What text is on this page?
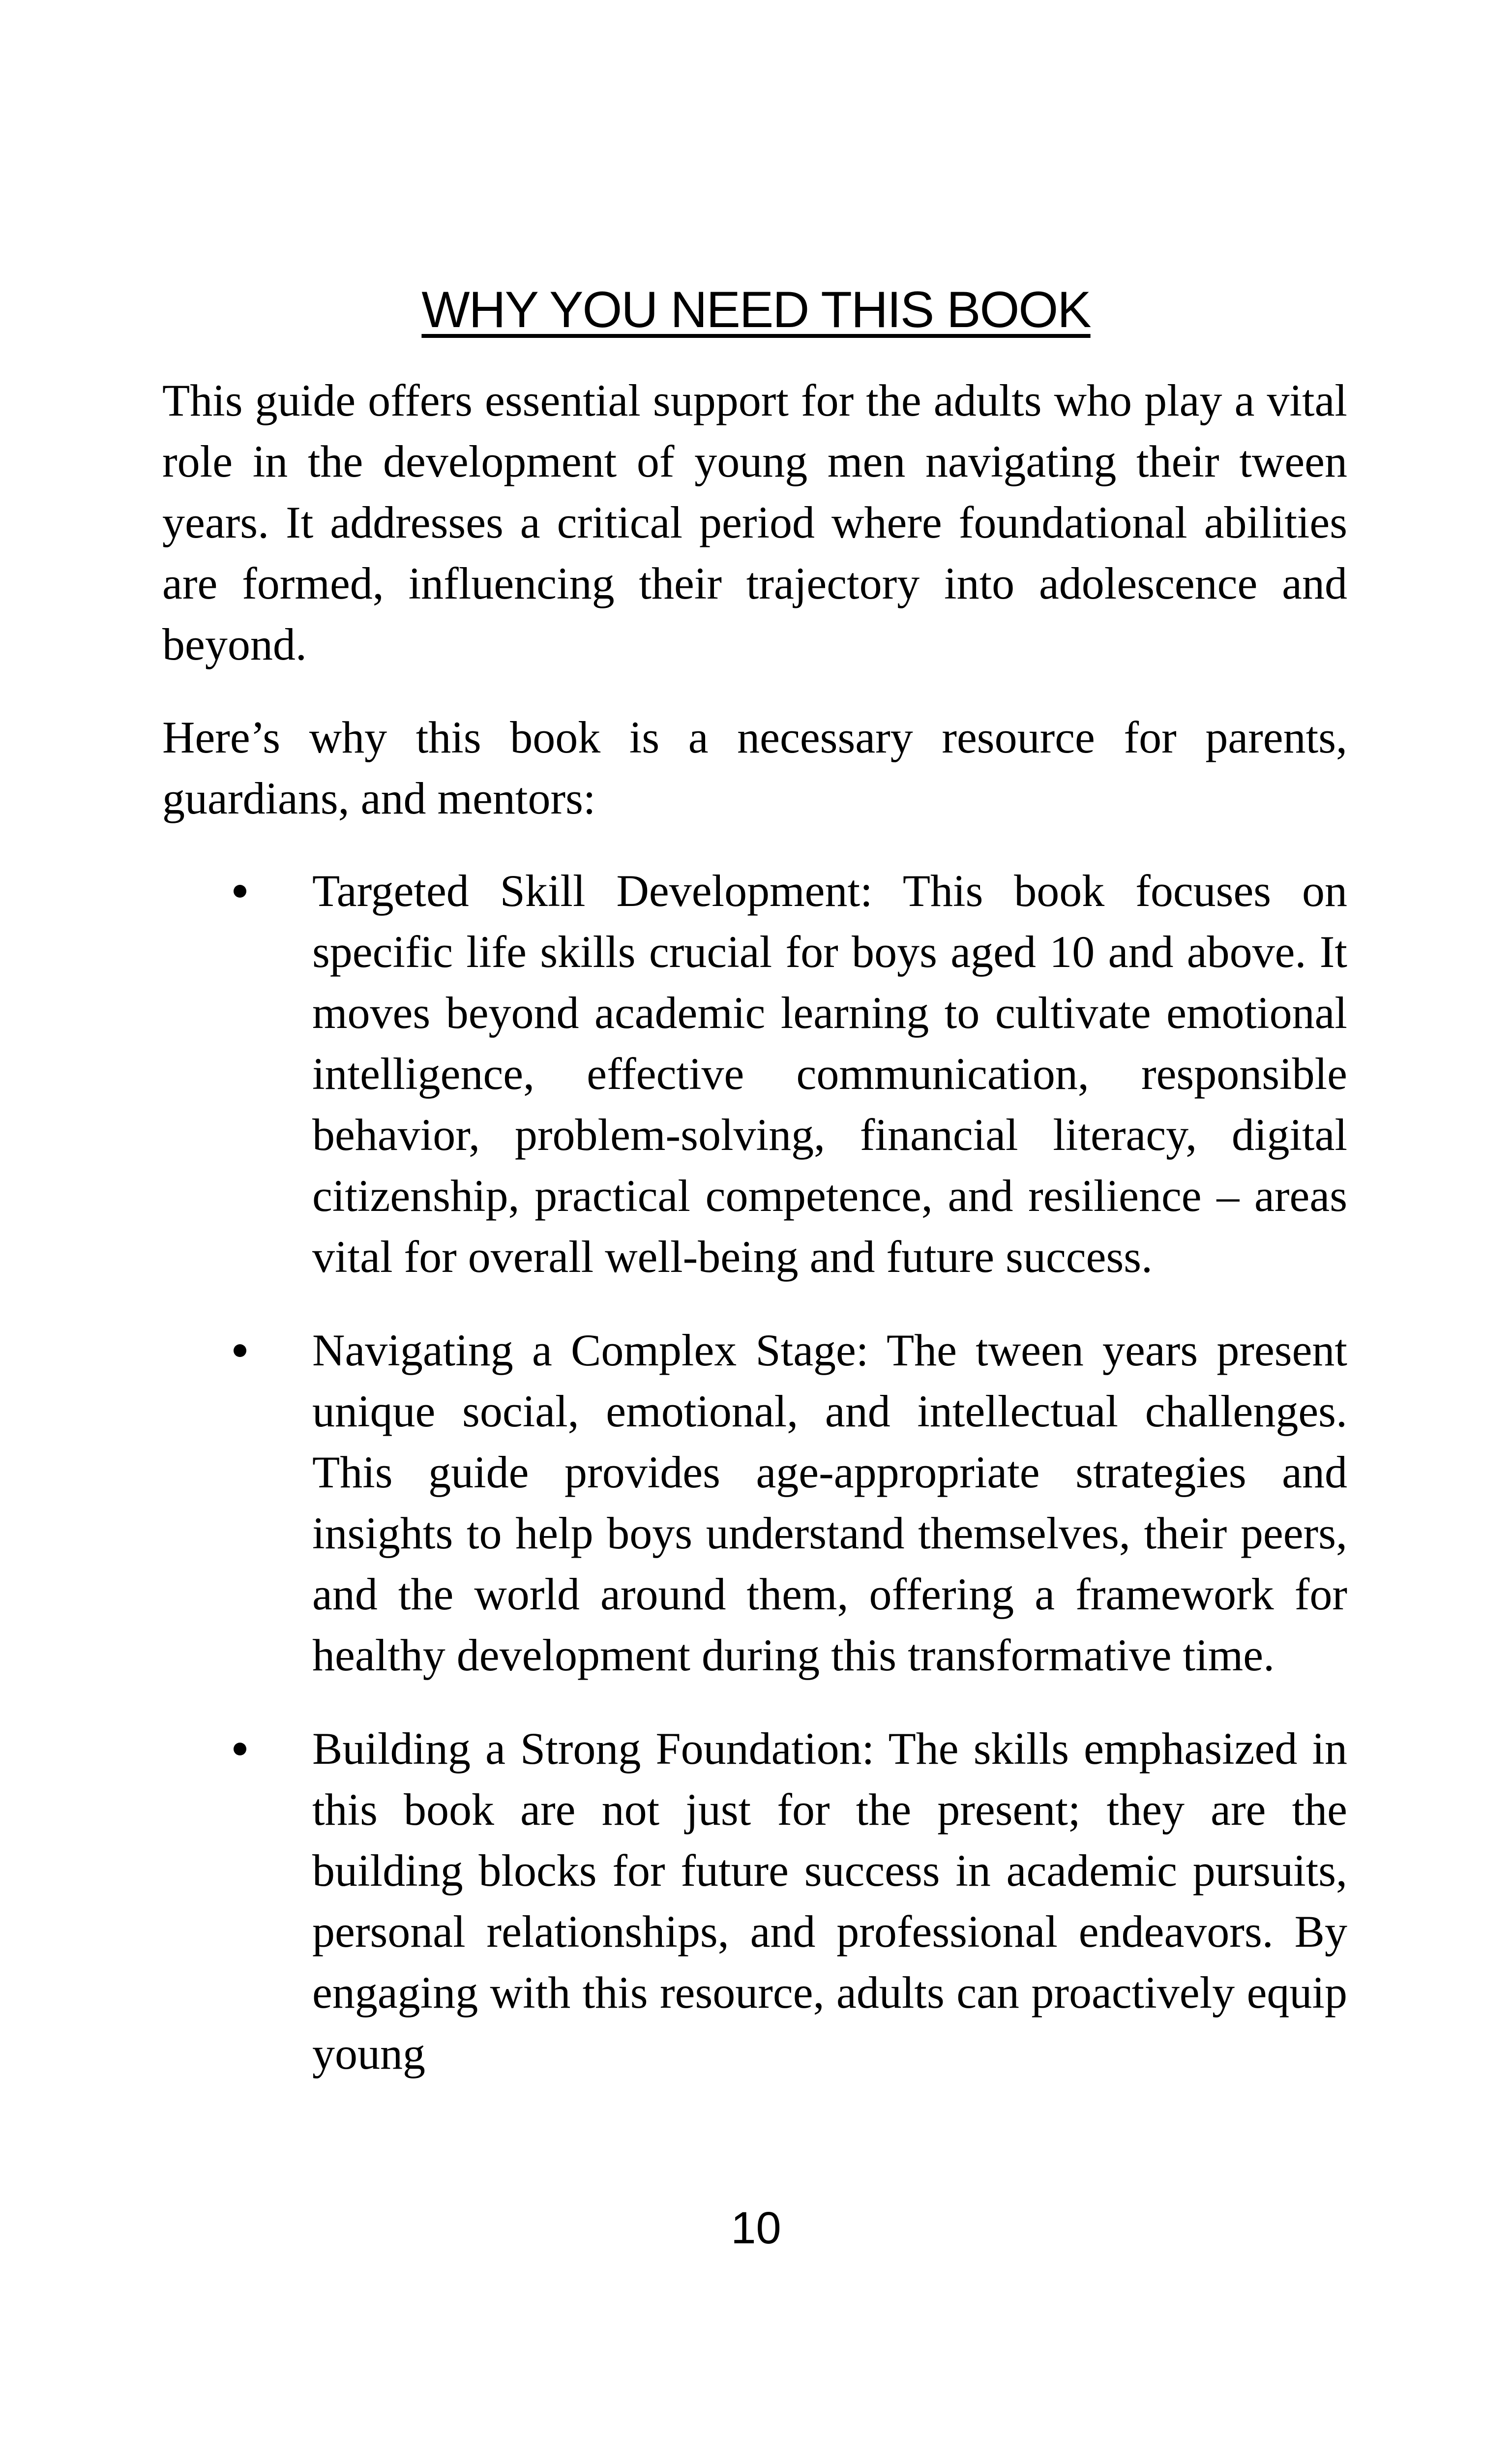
WHY YOU NEED THIS BOOK

This guide offers essential support for the adults who play a vital role in the development of young men navigating their tween years. It addresses a critical period where foundational abilities are formed, influencing their trajectory into adolescence and beyond.

Here’s why this book is a necessary resource for parents, guardians, and mentors:

Targeted Skill Development: This book focuses on specific life skills crucial for boys aged 10 and above. It moves beyond academic learning to cultivate emotional intelligence, effective communication, responsible behavior, problem-solving, financial literacy, digital citizenship, practical competence, and resilience – areas vital for overall well-being and future success.

Navigating a Complex Stage: The tween years present unique social, emotional, and intellectual challenges. This guide provides age-appropriate strategies and insights to help boys understand themselves, their peers, and the world around them, offering a framework for healthy development during this transformative time.

Building a Strong Foundation: The skills emphasized in this book are not just for the present; they are the building blocks for future success in academic pursuits, personal relationships, and professional endeavors. By engaging with this resource, adults can proactively equip young

10
